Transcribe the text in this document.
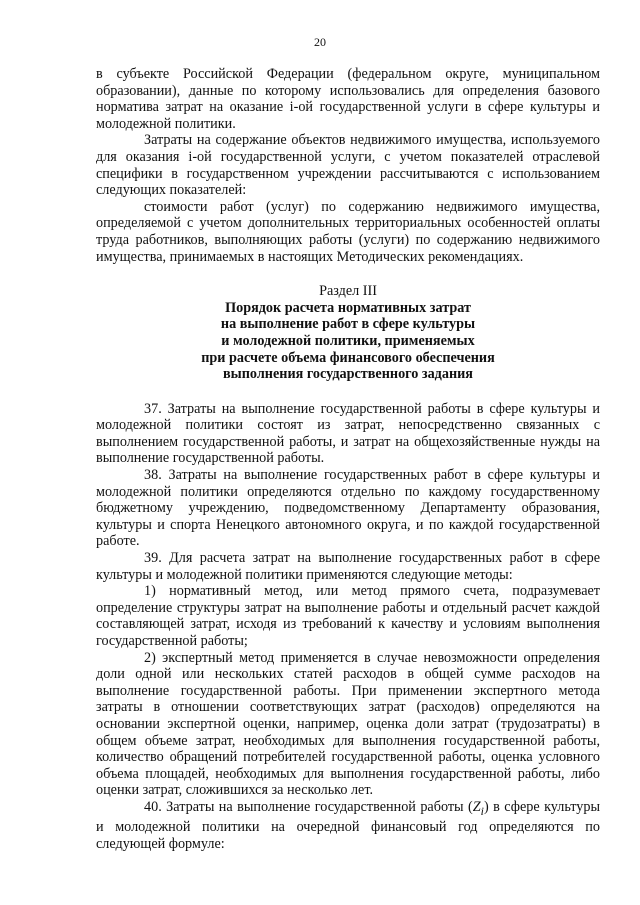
20

в субъекте Российской Федерации (федеральном округе, муниципальном образовании), данные по которому использовались для определения базового норматива затрат на оказание i-ой государственной услуги в сфере культуры и молодежной политики.

Затраты на содержание объектов недвижимого имущества, используемого для оказания i-ой государственной услуги, с учетом показателей отраслевой специфики в государственном учреждении рассчитываются с использованием следующих показателей:

стоимости работ (услуг) по содержанию недвижимого имущества, определяемой с учетом дополнительных территориальных особенностей оплаты труда работников, выполняющих работы (услуги) по содержанию недвижимого имущества, принимаемых в настоящих Методических рекомендациях.

Раздел III

Порядок расчета нормативных затрат
на выполнение работ в сфере культуры
и молодежной политики, применяемых
при расчете объема финансового обеспечения
выполнения государственного задания

37. Затраты на выполнение государственной работы в сфере культуры и молодежной политики состоят из затрат, непосредственно связанных с выполнением государственной работы, и затрат на общехозяйственные нужды на выполнение государственной работы.

38. Затраты на выполнение государственных работ в сфере культуры и молодежной политики определяются отдельно по каждому государственному бюджетному учреждению, подведомственному Департаменту образования, культуры и спорта Ненецкого автономного округа, и по каждой государственной работе.

39. Для расчета затрат на выполнение государственных работ в сфере культуры и молодежной политики применяются следующие методы:

1) нормативный метод, или метод прямого счета, подразумевает определение структуры затрат на выполнение работы и отдельный расчет каждой составляющей затрат, исходя из требований к качеству и условиям выполнения государственной работы;

2) экспертный метод применяется в случае невозможности определения доли одной или нескольких статей расходов в общей сумме расходов на выполнение государственной работы. При применении экспертного метода затраты в отношении соответствующих затрат (расходов) определяются на основании экспертной оценки, например, оценка доли затрат (трудозатраты) в общем объеме затрат, необходимых для выполнения государственной работы, количество обращений потребителей государственной работы, оценка условного объема площадей, необходимых для выполнения государственной работы, либо оценки затрат, сложившихся за несколько лет.

40. Затраты на выполнение государственной работы $(Z_i)$ в сфере культуры и молодежной политики на очередной финансовый год определяются по следующей формуле:
